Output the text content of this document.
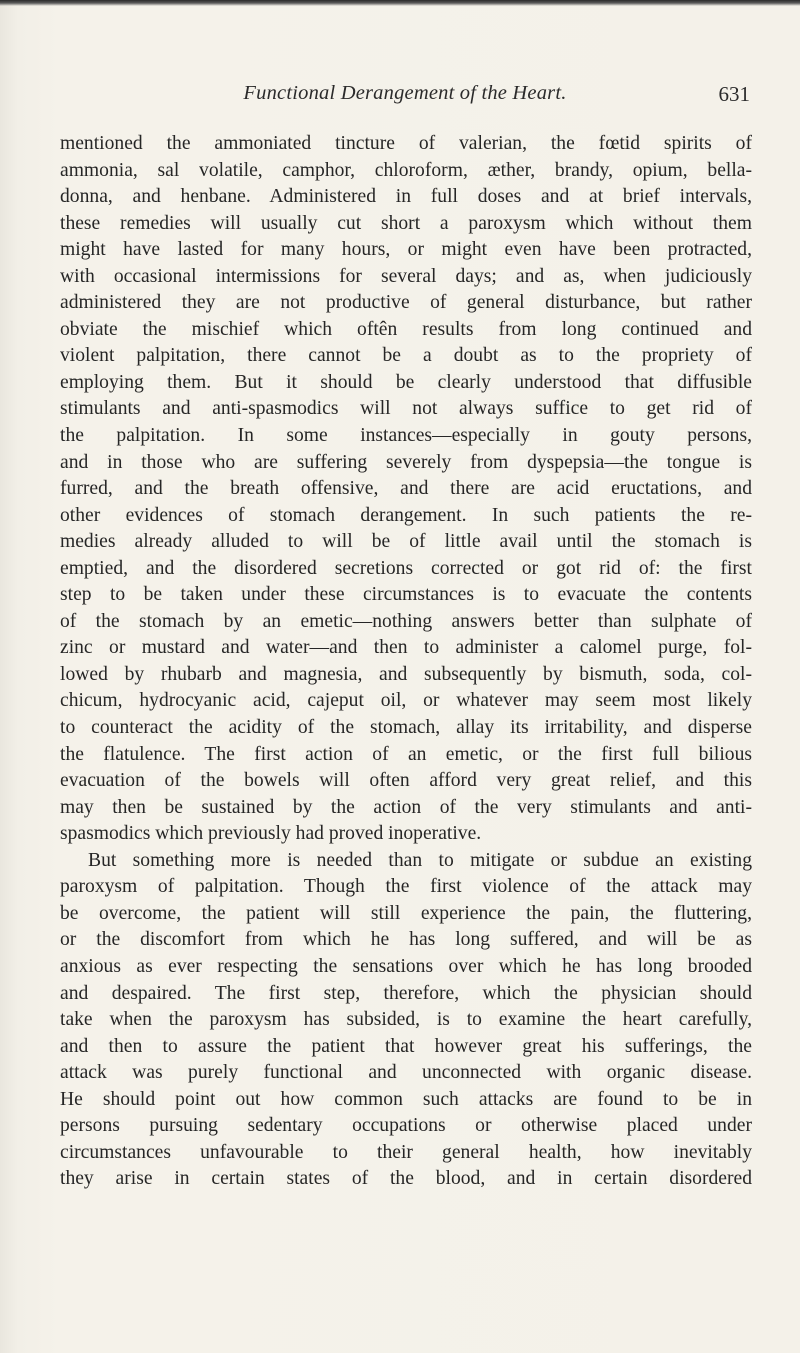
Functional Derangement of the Heart.	631
mentioned the ammoniated tincture of valerian, the fœtid spirits of
ammonia, sal volatile, camphor, chloroform, æther, brandy, opium, bella-
donna, and henbane. Administered in full doses and at brief intervals,
these remedies will usually cut short a paroxysm which without them
might have lasted for many hours, or might even have been protracted,
with occasional intermissions for several days; and as, when judiciously
administered they are not productive of general disturbance, but rather
obviate the mischief which oftên results from long continued and
violent palpitation, there cannot be a doubt as to the propriety of
employing them. But it should be clearly understood that diffusible
stimulants and anti-spasmodics will not always suffice to get rid of
the palpitation. In some instances—especially in gouty persons,
and in those who are suffering severely from dyspepsia—the tongue is
furred, and the breath offensive, and there are acid eructations, and
other evidences of stomach derangement. In such patients the re-
medies already alluded to will be of little avail until the stomach is
emptied, and the disordered secretions corrected or got rid of: the first
step to be taken under these circumstances is to evacuate the contents
of the stomach by an emetic—nothing answers better than sulphate of
zinc or mustard and water—and then to administer a calomel purge, fol-
lowed by rhubarb and magnesia, and subsequently by bismuth, soda, col-
chicum, hydrocyanic acid, cajeput oil, or whatever may seem most likely
to counteract the acidity of the stomach, allay its irritability, and disperse
the flatulence. The first action of an emetic, or the first full bilious
evacuation of the bowels will often afford very great relief, and this
may then be sustained by the action of the very stimulants and anti-
spasmodics which previously had proved inoperative.
But something more is needed than to mitigate or subdue an existing
paroxysm of palpitation. Though the first violence of the attack may
be overcome, the patient will still experience the pain, the fluttering,
or the discomfort from which he has long suffered, and will be as
anxious as ever respecting the sensations over which he has long brooded
and despaired. The first step, therefore, which the physician should
take when the paroxysm has subsided, is to examine the heart carefully,
and then to assure the patient that however great his sufferings, the
attack was purely functional and unconnected with organic disease.
He should point out how common such attacks are found to be in
persons pursuing sedentary occupations or otherwise placed under
circumstances unfavourable to their general health, how inevitably
they arise in certain states of the blood, and in certain disordered
